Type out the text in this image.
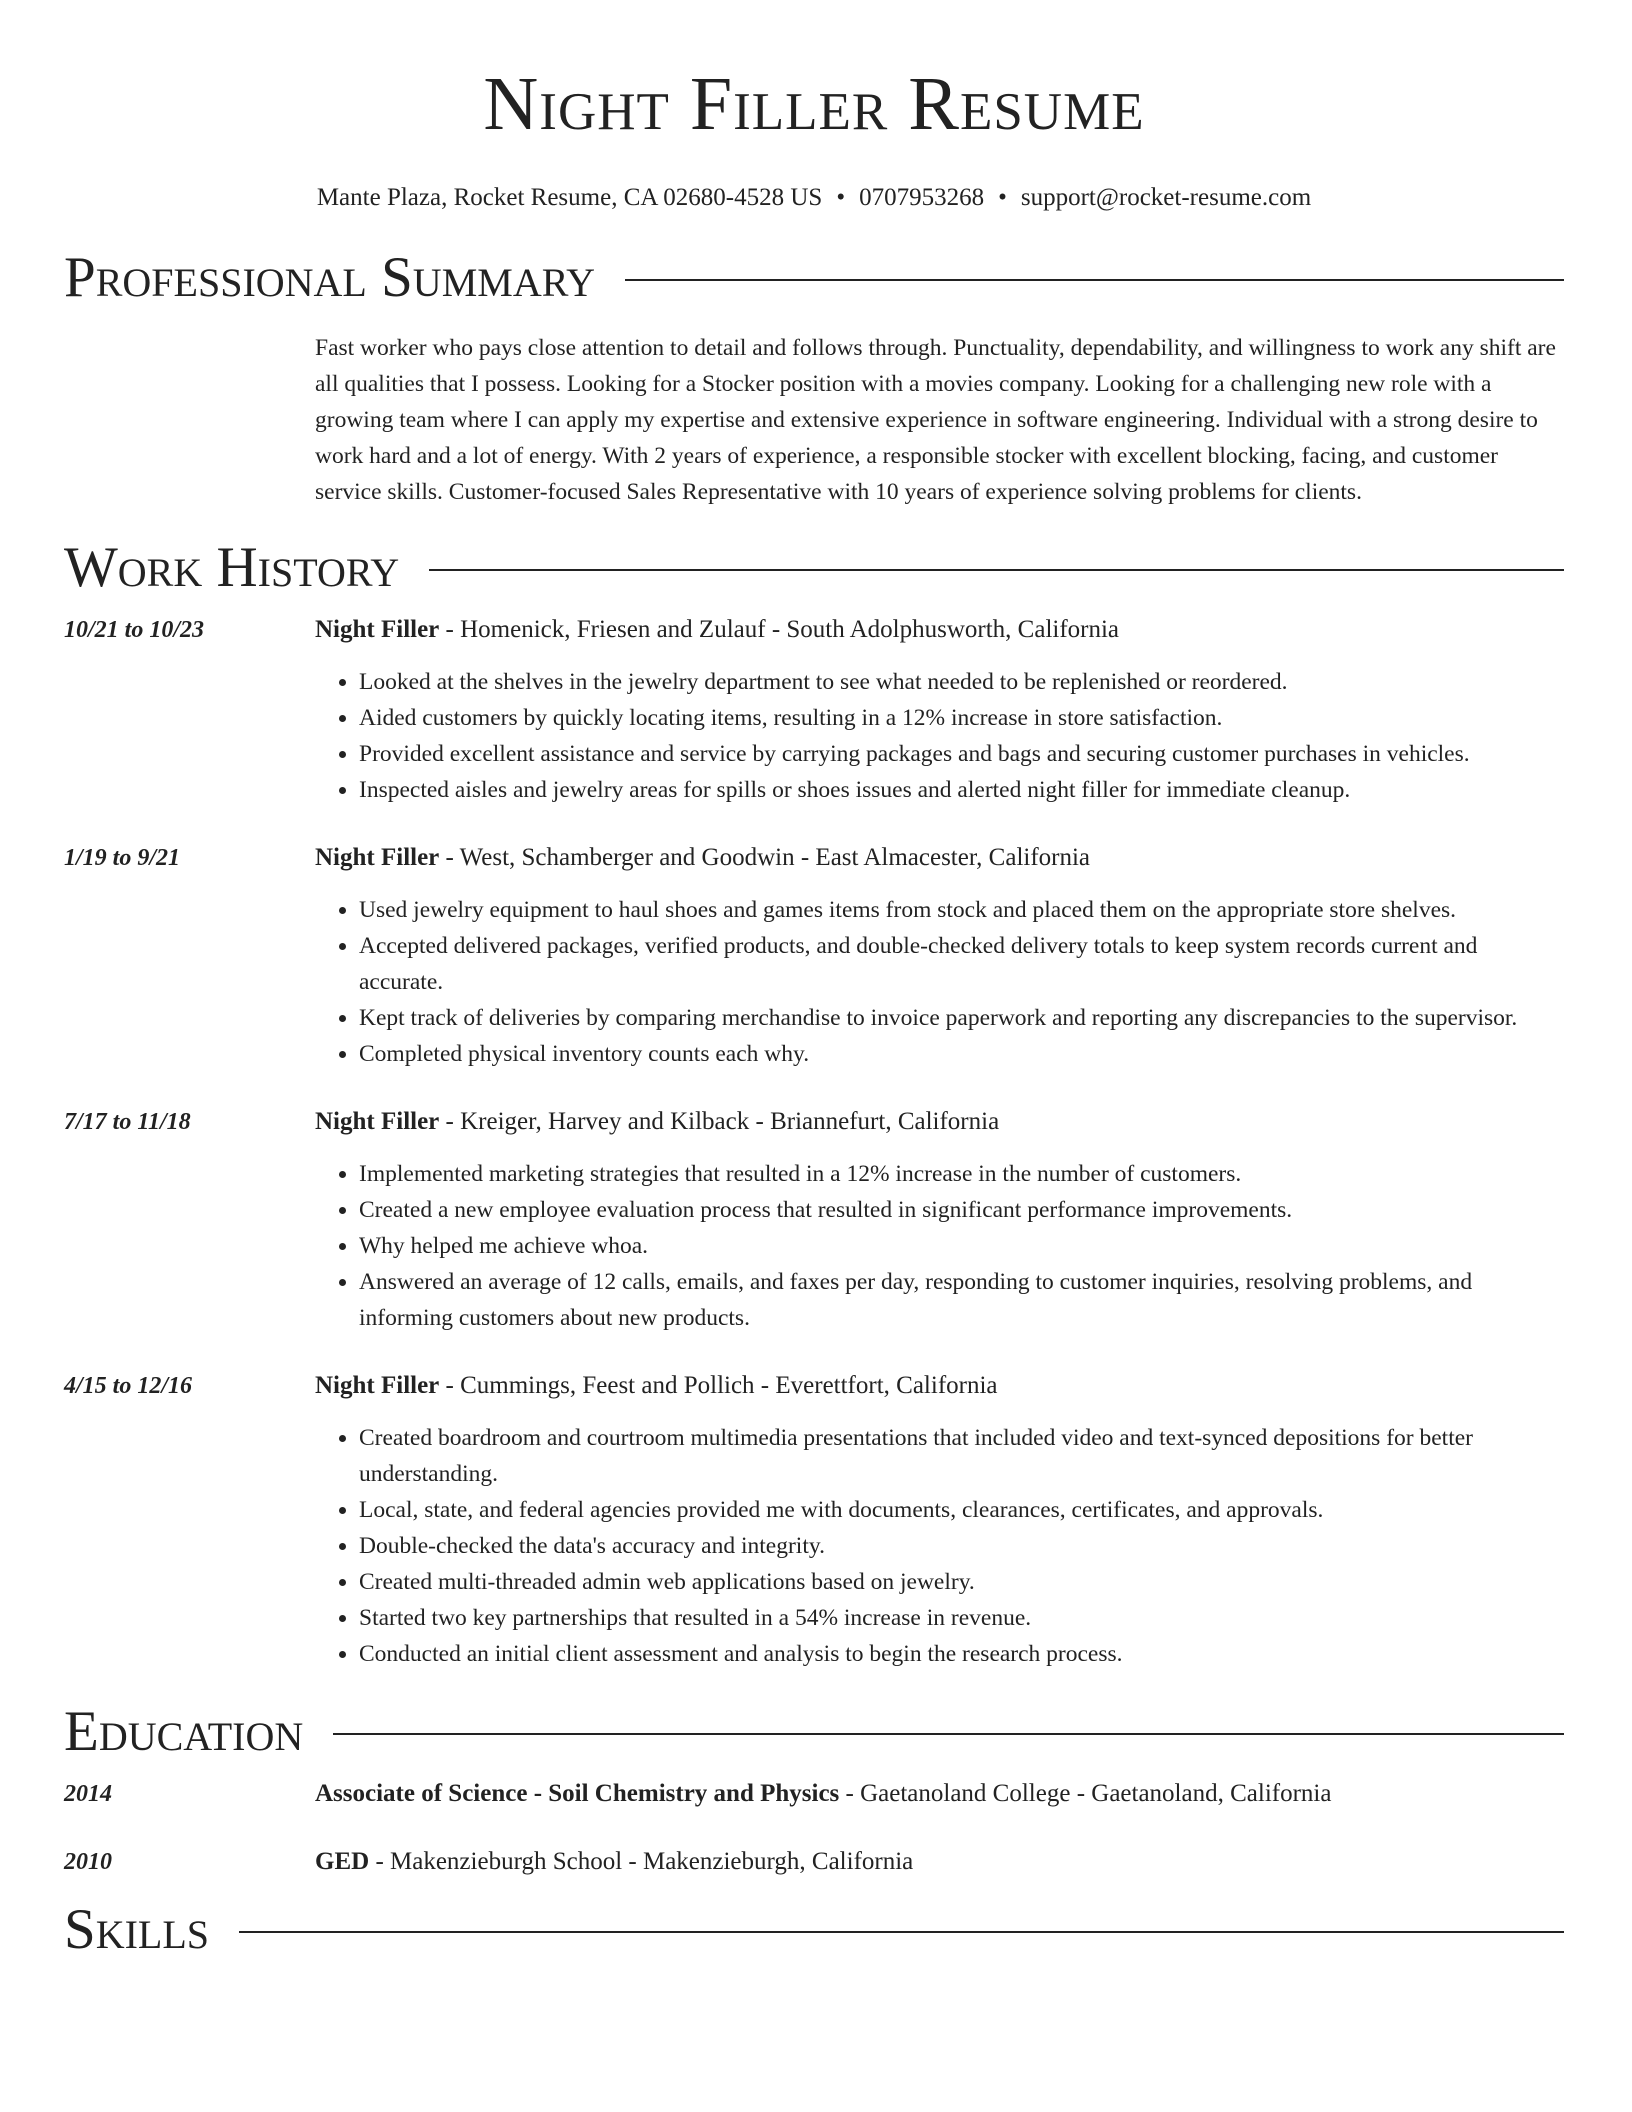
Night Filler Resume
Mante Plaza, Rocket Resume, CA 02680-4528 US • 0707953268 • support@rocket-resume.com
Professional Summary

Fast worker who pays close attention to detail and follows through. Punctuality, dependability, and willingness to work any shift are all qualities that I possess. Looking for a Stocker position with a movies company. Looking for a challenging new role with a growing team where I can apply my expertise and extensive experience in software engineering. Individual with a strong desire to work hard and a lot of energy. With 2 years of experience, a responsible stocker with excellent blocking, facing, and customer service skills. Customer-focused Sales Representative with 10 years of experience solving problems for clients.

Work History
10/21 to 10/23	Night Filler - Homenick, Friesen and Zulauf - South Adolphusworth, California
• Looked at the shelves in the jewelry department to see what needed to be replenished or reordered.
• Aided customers by quickly locating items, resulting in a 12% increase in store satisfaction.
• Provided excellent assistance and service by carrying packages and bags and securing customer purchases in vehicles.
• Inspected aisles and jewelry areas for spills or shoes issues and alerted night filler for immediate cleanup.
1/19 to 9/21	Night Filler - West, Schamberger and Goodwin - East Almacester, California
• Used jewelry equipment to haul shoes and games items from stock and placed them on the appropriate store shelves.
• Accepted delivered packages, verified products, and double-checked delivery totals to keep system records current and accurate.
• Kept track of deliveries by comparing merchandise to invoice paperwork and reporting any discrepancies to the supervisor.
• Completed physical inventory counts each why.
7/17 to 11/18	Night Filler - Kreiger, Harvey and Kilback - Briannefurt, California
• Implemented marketing strategies that resulted in a 12% increase in the number of customers.
• Created a new employee evaluation process that resulted in significant performance improvements.
• Why helped me achieve whoa.
• Answered an average of 12 calls, emails, and faxes per day, responding to customer inquiries, resolving problems, and informing customers about new products.
4/15 to 12/16	Night Filler - Cummings, Feest and Pollich - Everettfort, California
• Created boardroom and courtroom multimedia presentations that included video and text-synced depositions for better understanding.
• Local, state, and federal agencies provided me with documents, clearances, certificates, and approvals.
• Double-checked the data's accuracy and integrity.
• Created multi-threaded admin web applications based on jewelry.
• Started two key partnerships that resulted in a 54% increase in revenue.
• Conducted an initial client assessment and analysis to begin the research process.
Education
2014	Associate of Science - Soil Chemistry and Physics - Gaetanoland College - Gaetanoland, California
2010	GED - Makenzieburgh School - Makenzieburgh, California
Skills
